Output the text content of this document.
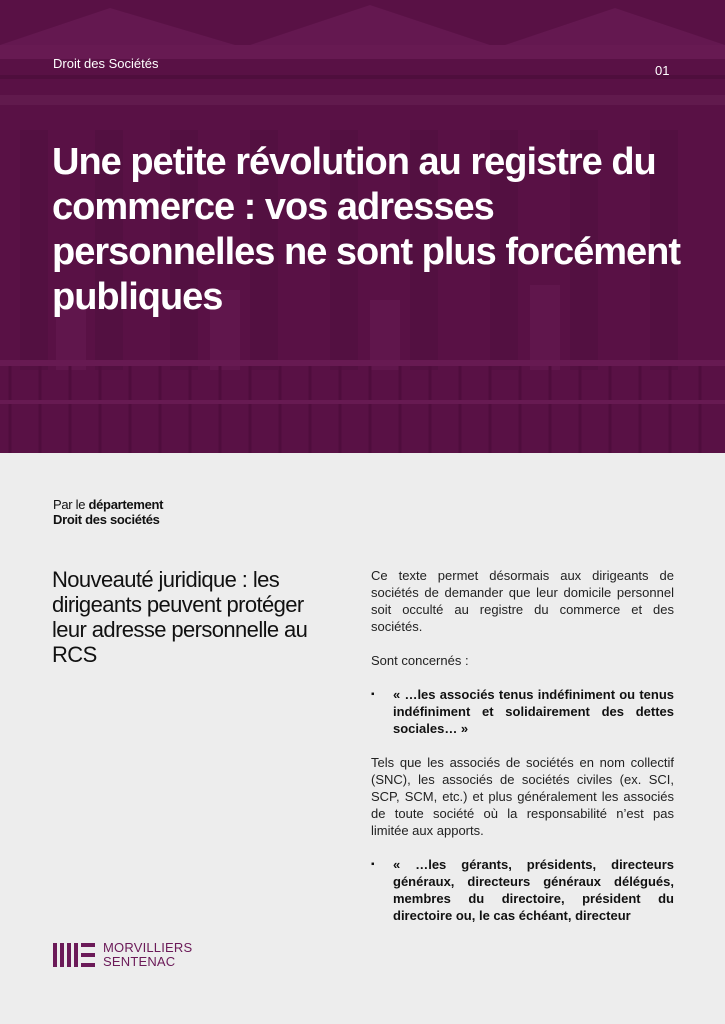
Droit des Sociétés	01
Une petite révolution au registre du commerce : vos adresses personnelles ne sont plus forcément publiques
Par le département
Droit des sociétés
Nouveauté juridique : les dirigeants peuvent protéger leur adresse personnelle au RCS

Ce texte permet désormais aux dirigeants de sociétés de demander que leur domicile personnel soit occulté au registre du commerce et des sociétés.

Sont concernés :

▪	« …les associés tenus indéfiniment ou tenus indéfiniment et solidairement des dettes sociales… »

Tels que les associés de sociétés en nom collectif (SNC), les associés de sociétés civiles (ex. SCI, SCP, SCM, etc.) et plus généralement les associés de toute société où la responsabilité n’est pas limitée aux apports.

▪	« …les gérants, présidents, directeurs généraux, directeurs généraux délégués, membres du directoire, président du directoire ou, le cas échéant, directeur
MORVILLIERS
SENTENAC
